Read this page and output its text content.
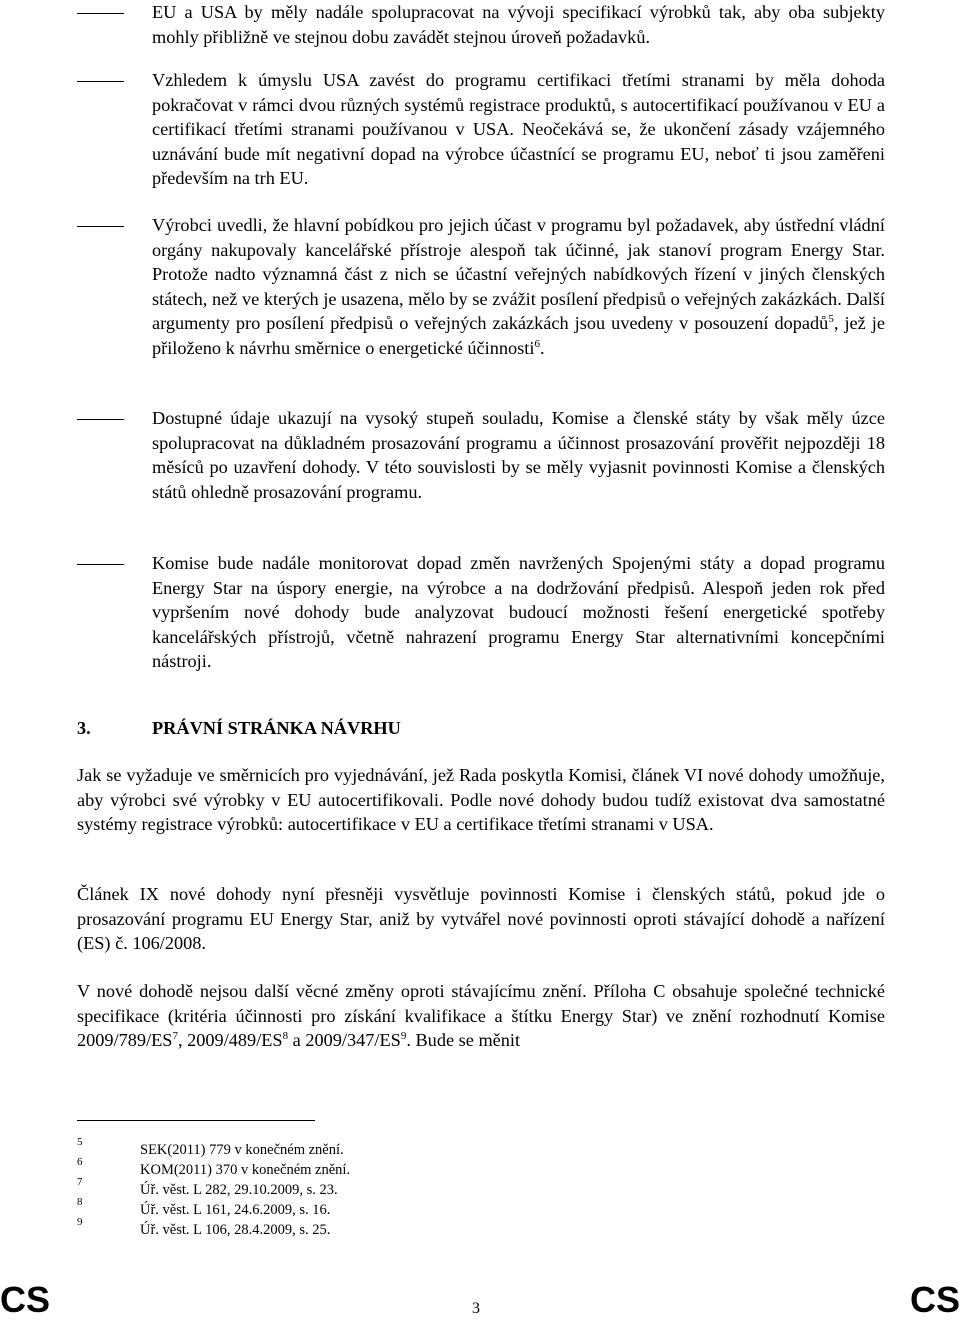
EU a USA by měly nadále spolupracovat na vývoji specifikací výrobků tak, aby oba subjekty mohly přibližně ve stejnou dobu zavádět stejnou úroveň požadavků.
Vzhledem k úmyslu USA zavést do programu certifikaci třetími stranami by měla dohoda pokračovat v rámci dvou různých systémů registrace produktů, s autocertifikací používanou v EU a certifikací třetími stranami používanou v USA. Neočekává se, že ukončení zásady vzájemného uznávání bude mít negativní dopad na výrobce účastnící se programu EU, neboť ti jsou zaměřeni především na trh EU.
Výrobci uvedli, že hlavní pobídkou pro jejich účast v programu byl požadavek, aby ústřední vládní orgány nakupovaly kancelářské přístroje alespoň tak účinné, jak stanoví program Energy Star. Protože nadto významná část z nich se účastní veřejných nabídkových řízení v jiných členských státech, než ve kterých je usazena, mělo by se zvážit posílení předpisů o veřejných zakázkách. Další argumenty pro posílení předpisů o veřejných zakázkách jsou uvedeny v posouzení dopadů$^5$, jež je přiloženo k návrhu směrnice o energetické účinnosti$^6$.
Dostupné údaje ukazují na vysoký stupeň souladu, Komise a členské státy by však měly úzce spolupracovat na důkladném prosazování programu a účinnost prosazování prověřit nejpozději 18 měsíců po uzavření dohody. V této souvislosti by se měly vyjasnit povinnosti Komise a členských států ohledně prosazování programu.
Komise bude nadále monitorovat dopad změn navržených Spojenými státy a dopad programu Energy Star na úspory energie, na výrobce a na dodržování předpisů. Alespoň jeden rok před vypršením nové dohody bude analyzovat budoucí možnosti řešení energetické spotřeby kancelářských přístrojů, včetně nahrazení programu Energy Star alternativními koncepčními nástroji.
3.	PRÁVNÍ STRÁNKA NÁVRHU
Jak se vyžaduje ve směrnicích pro vyjednávání, jež Rada poskytla Komisi, článek VI nové dohody umožňuje, aby výrobci své výrobky v EU autocertifikovali. Podle nové dohody budou tudíž existovat dva samostatné systémy registrace výrobků: autocertifikace v EU a certifikace třetími stranami v USA.
Článek IX nové dohody nyní přesněji vysvětluje povinnosti Komise i členských států, pokud jde o prosazování programu EU Energy Star, aniž by vytvářel nové povinnosti oproti stávající dohodě a nařízení (ES) č. 106/2008.
V nové dohodě nejsou další věcné změny oproti stávajícímu znění. Příloha C obsahuje společné technické specifikace (kritéria účinnosti pro získání kvalifikace a štítku Energy Star) ve znění rozhodnutí Komise $2009/789/ES^7$, $2009/489/ES^8$ a $2009/347/ES^9$. Bude se měnit
5	SEK(2011) 779 v konečném znění.
6	KOM(2011) 370 v konečném znění.
7	Úř. věst. L 282, 29.10.2009, s. 23.
8	Úř. věst. L 161, 24.6.2009, s. 16.
9	Úř. věst. L 106, 28.4.2009, s. 25.
CS	3	CS
